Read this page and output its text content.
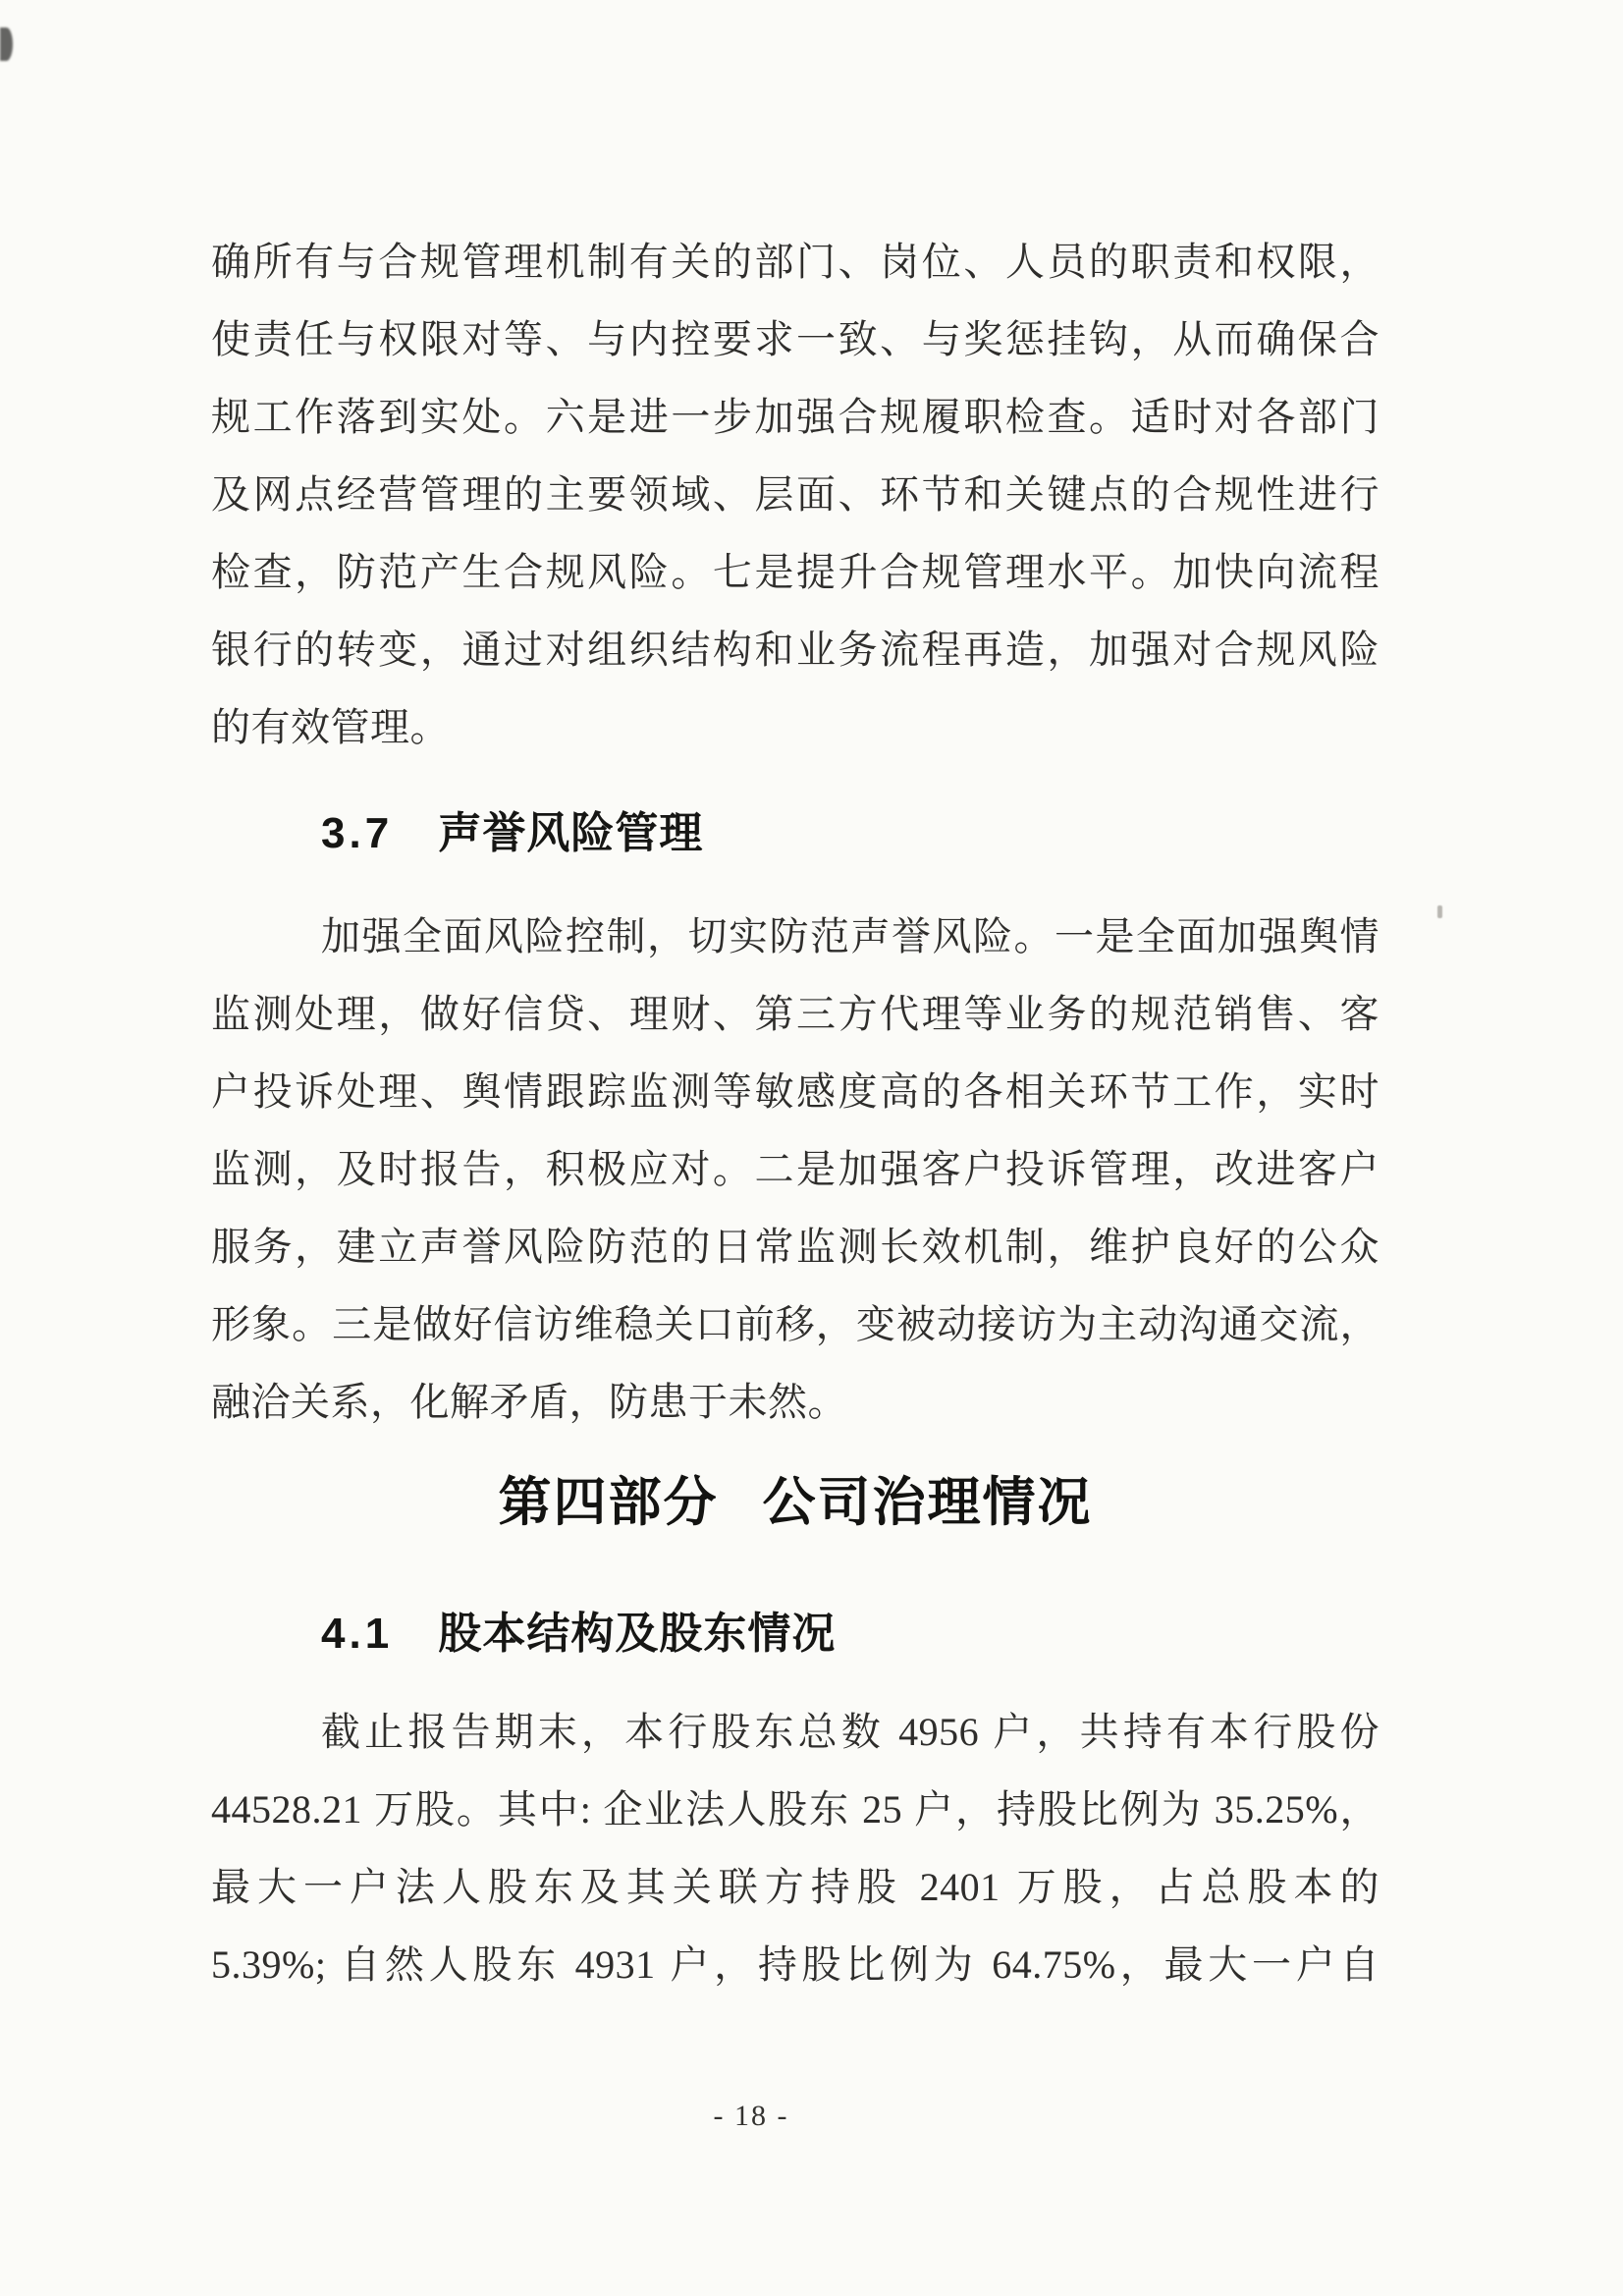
确所有与合规管理机制有关的部门、岗位、人员的职责和权限，
使责任与权限对等、与内控要求一致、与奖惩挂钩，从而确保合
规工作落到实处。六是进一步加强合规履职检查。适时对各部门
及网点经营管理的主要领域、层面、环节和关键点的合规性进行
检查，防范产生合规风险。七是提升合规管理水平。加快向流程
银行的转变，通过对组织结构和业务流程再造，加强对合规风险
的有效管理。
3.7 声誉风险管理
加强全面风险控制，切实防范声誉风险。一是全面加强舆情
监测处理，做好信贷、理财、第三方代理等业务的规范销售、客
户投诉处理、舆情跟踪监测等敏感度高的各相关环节工作，实时
监测，及时报告，积极应对。二是加强客户投诉管理，改进客户
服务，建立声誉风险防范的日常监测长效机制，维护良好的公众
形象。三是做好信访维稳关口前移，变被动接访为主动沟通交流，
融洽关系，化解矛盾，防患于未然。
第四部分 公司治理情况
4.1 股本结构及股东情况
截止报告期末，本行股东总数 4956 户，共持有本行股份
44528.21 万股。其中: 企业法人股东 25 户，持股比例为 35.25%，
最大一户法人股东及其关联方持股 2401 万股，占总股本的
5.39%; 自然人股东 4931 户，持股比例为 64.75%，最大一户自
- 18 -
